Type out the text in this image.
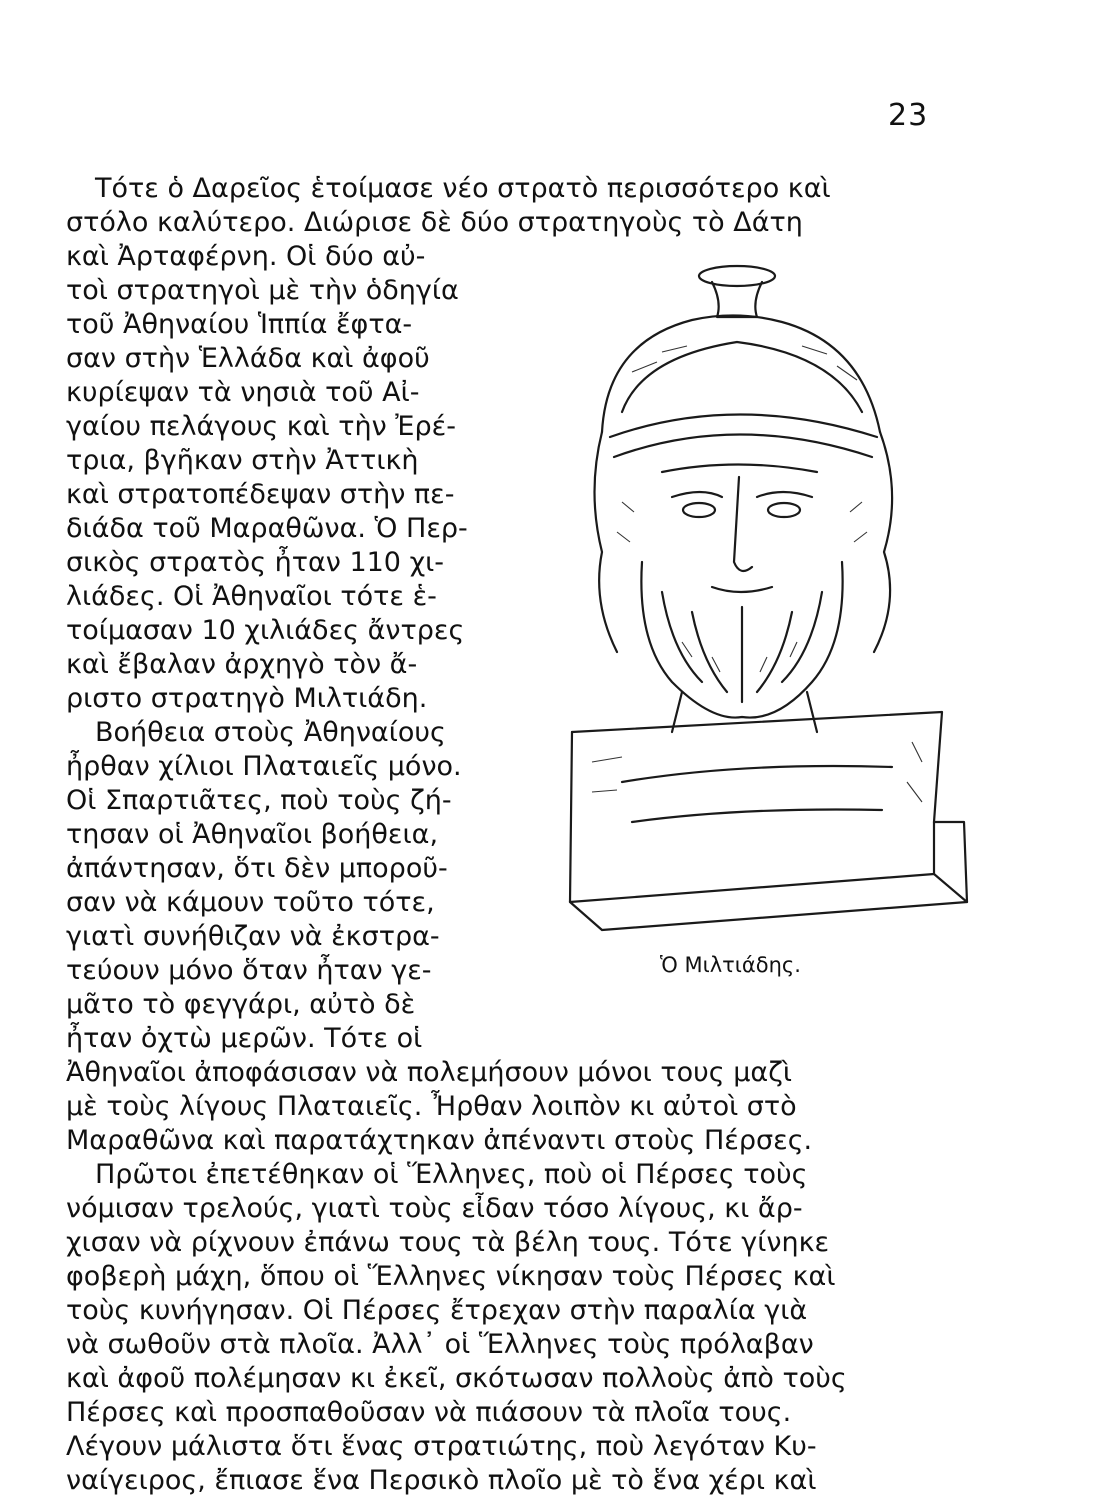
23
Τότε ὁ Δαρεῖος ἑτοίμασε νέο στρατὸ περισσότερο καὶ
στόλο καλύτερο. Διώρισε δὲ δύο στρατηγοὺς τὸ Δάτη
καὶ Ἀρταφέρνη. Οἱ δύο αὐ-
τοὶ στρατηγοὶ μὲ τὴν ὁδηγία
τοῦ Ἀθηναίου Ἱππία ἔφτα-
σαν στὴν Ἑλλάδα καὶ ἀφοῦ
κυρίεψαν τὰ νησιὰ τοῦ Αἰ-
γαίου πελάγους καὶ τὴν Ἐρέ-
τρια, βγῆκαν στὴν Ἀττικὴ
καὶ στρατοπέδεψαν στὴν πε-
διάδα τοῦ Μαραθῶνα. Ὁ Περ-
σικὸς στρατὸς ἦταν 110 χι-
λιάδες. Οἱ Ἀθηναῖοι τότε ἑ-
τοίμασαν 10 χιλιάδες ἄντρες
καὶ ἔβαλαν ἀρχηγὸ τὸν ἄ-
ριστο στρατηγὸ Μιλτιάδη.
Βοήθεια στοὺς Ἀθηναίους
ἦρθαν χίλιοι Πλαταιεῖς μόνο.
Οἱ Σπαρτιᾶτες, ποὺ τοὺς ζή-
τησαν οἱ Ἀθηναῖοι βοήθεια,
ἀπάντησαν, ὅτι δὲν μποροῦ-
σαν νὰ κάμουν τοῦτο τότε,
γιατὶ συνήθιζαν νὰ ἐκστρα-
τεύουν μόνο ὅταν ἦταν γε-
μᾶτο τὸ φεγγάρι, αὐτὸ δὲ
ἦταν ὀχτὼ μερῶν. Τότε οἱ
Ἀθηναῖοι ἀποφάσισαν νὰ πολεμήσουν μόνοι τους μαζὶ
μὲ τοὺς λίγους Πλαταιεῖς. Ἦρθαν λοιπὸν κι αὐτοὶ στὸ
Μαραθῶνα καὶ παρατάχτηκαν ἀπέναντι στοὺς Πέρσες.
Πρῶτοι ἐπετέθηκαν οἱ Ἕλληνες, ποὺ οἱ Πέρσες τοὺς
νόμισαν τρελούς, γιατὶ τοὺς εἶδαν τόσο λίγους, κι ἄρ-
χισαν νὰ ρίχνουν ἐπάνω τους τὰ βέλη τους. Τότε γίνηκε
φοβερὴ μάχη, ὅπου οἱ Ἕλληνες νίκησαν τοὺς Πέρσες καὶ
τοὺς κυνήγησαν. Οἱ Πέρσες ἔτρεχαν στὴν παραλία γιὰ
νὰ σωθοῦν στὰ πλοῖα. Ἀλλ᾽ οἱ Ἕλληνες τοὺς πρόλαβαν
καὶ ἀφοῦ πολέμησαν κι ἐκεῖ, σκότωσαν πολλοὺς ἀπὸ τοὺς
Πέρσες καὶ προσπαθοῦσαν νὰ πιάσουν τὰ πλοῖα τους.
Λέγουν μάλιστα ὅτι ἕνας στρατιώτης, ποὺ λεγόταν Κυ-
ναίγειρος, ἔπιασε ἕνα Περσικὸ πλοῖο μὲ τὸ ἕνα χέρι καὶ
Ὁ Μιλτιάδης.
